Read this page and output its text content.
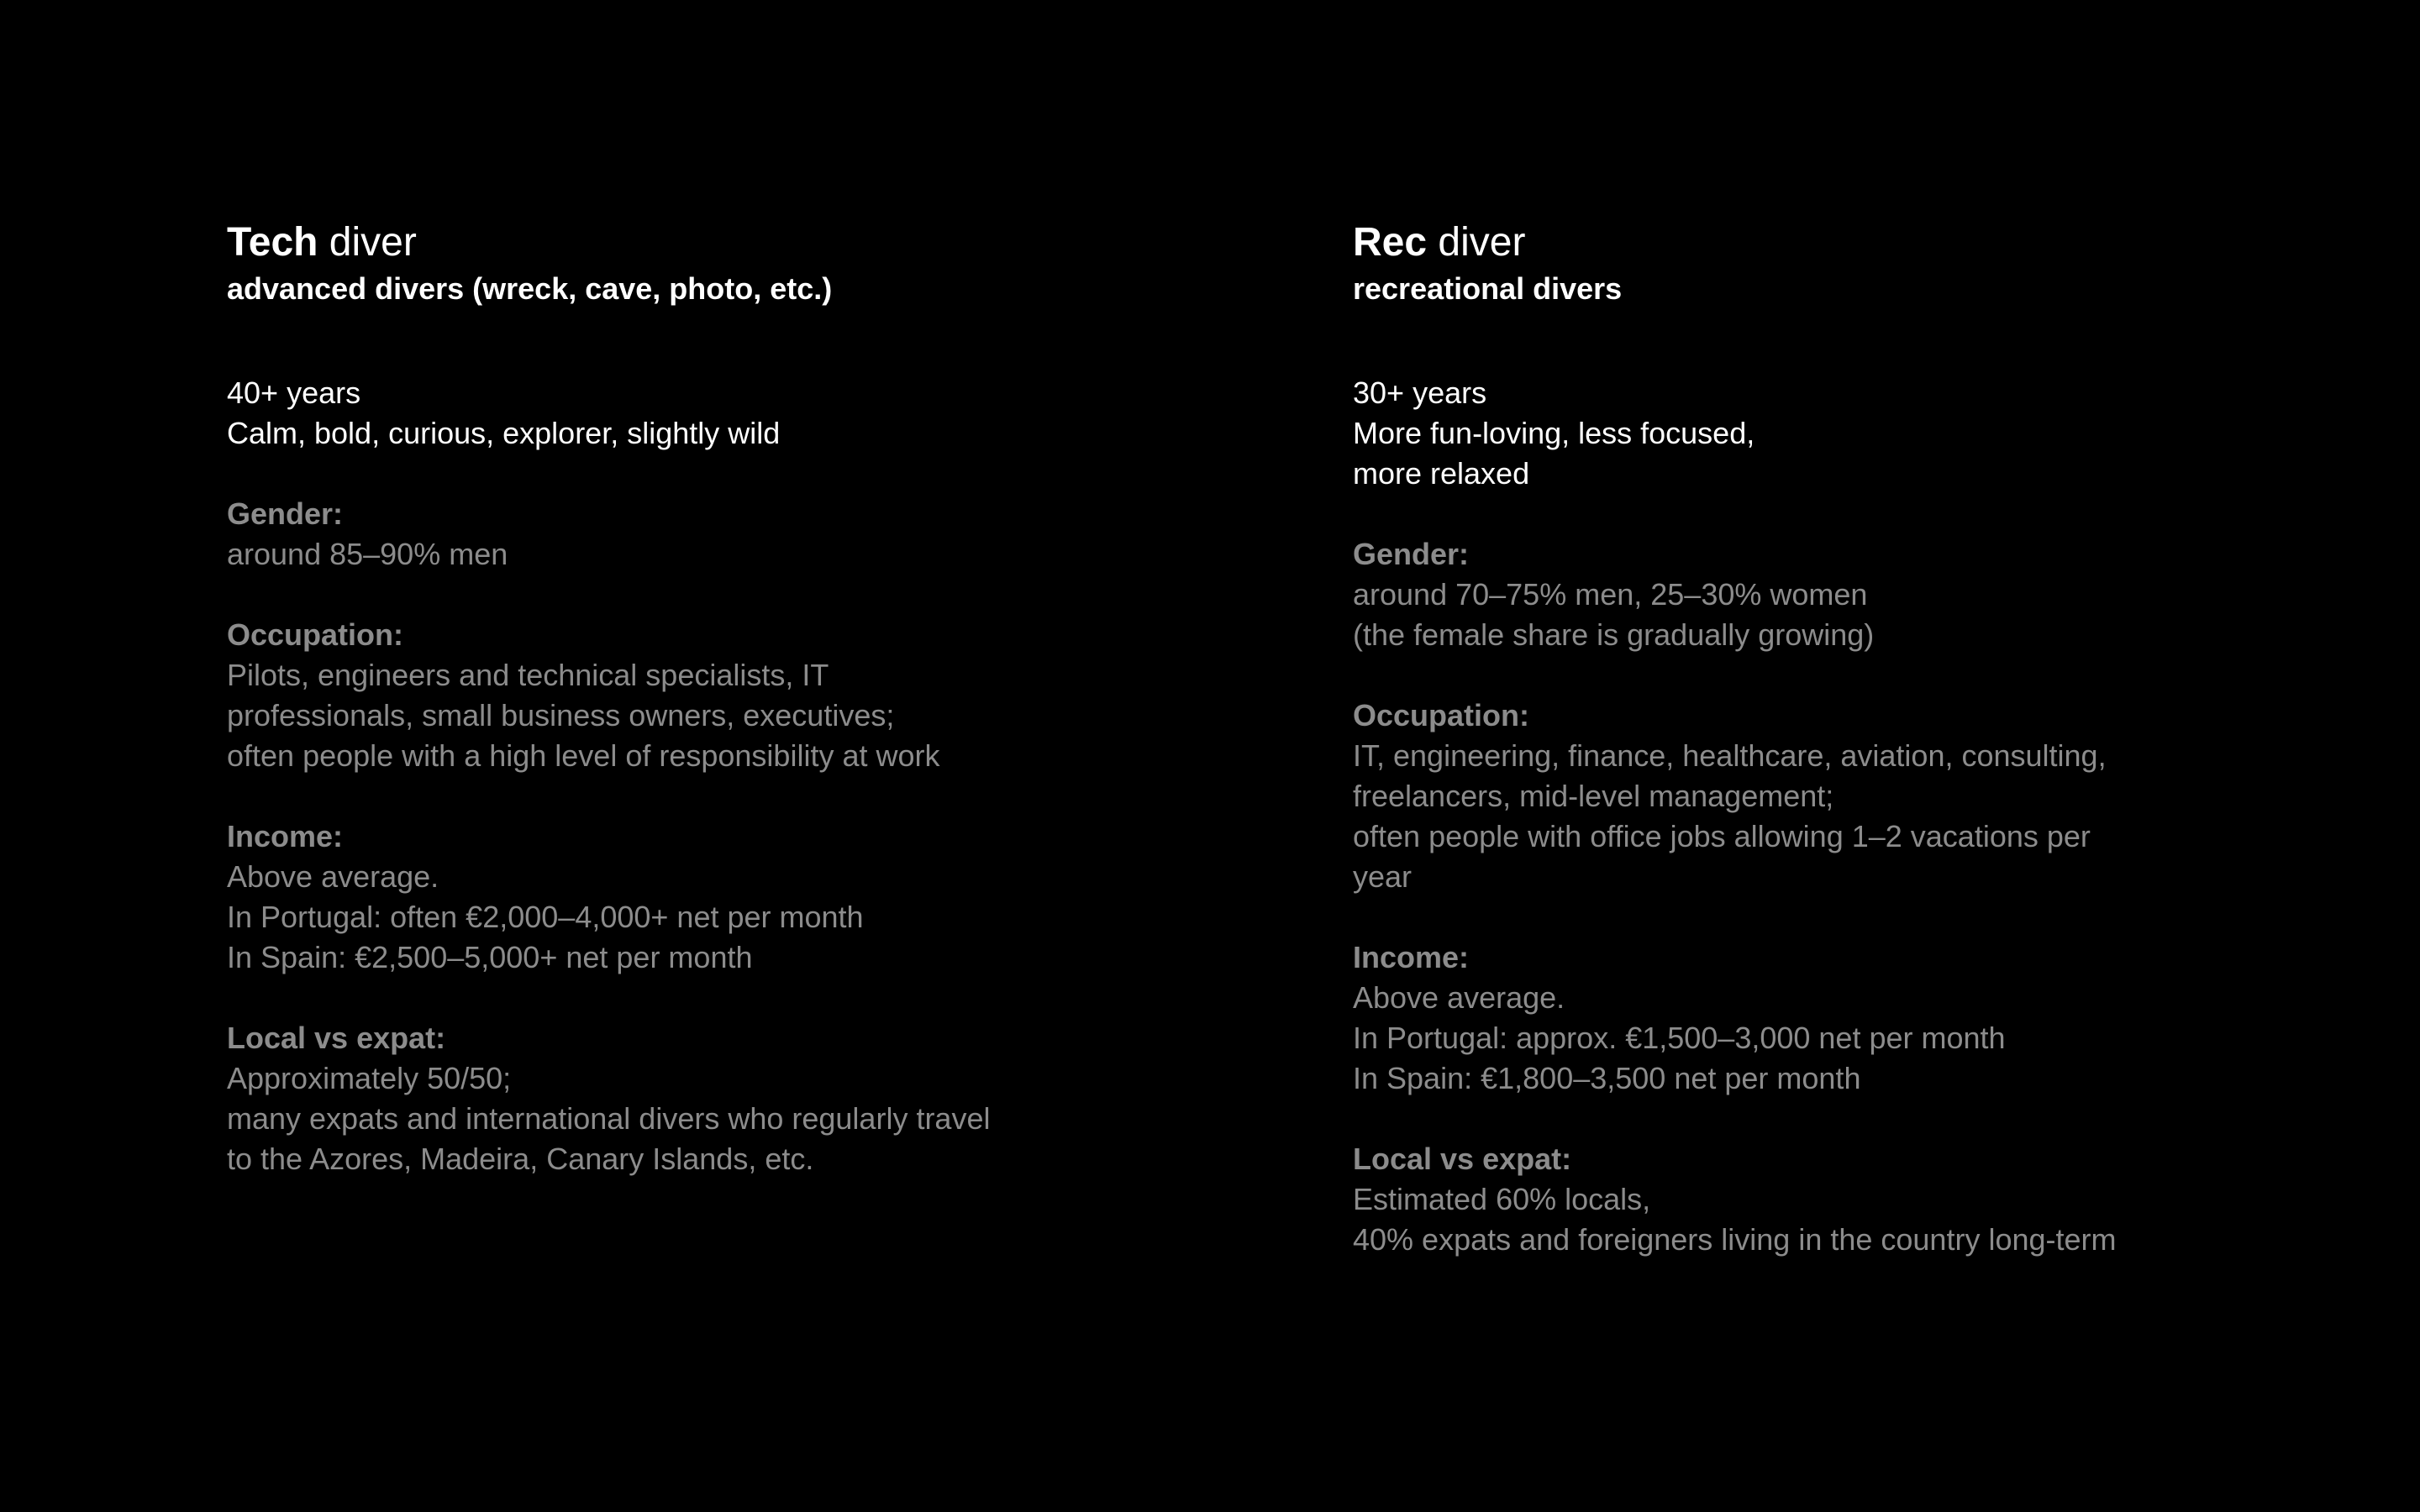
Tech diver
advanced divers (wreck, cave, photo, etc.)
40+ years
Calm, bold, curious, explorer, slightly wild
Gender:
around 85–90% men
Occupation:
Pilots, engineers and technical specialists, IT
professionals, small business owners, executives;
often people with a high level of responsibility at work
Income:
Above average.
In Portugal: often €2,000–4,000+ net per month
In Spain: €2,500–5,000+ net per month
Local vs expat:
Approximately 50/50;
many expats and international divers who regularly travel
to the Azores, Madeira, Canary Islands, etc.
Rec diver
recreational divers
30+ years
More fun-loving, less focused,
more relaxed
Gender:
around 70–75% men, 25–30% women
(the female share is gradually growing)
Occupation:
IT, engineering, finance, healthcare, aviation, consulting,
freelancers, mid-level management;
often people with office jobs allowing 1–2 vacations per
year
Income:
Above average.
In Portugal: approx. €1,500–3,000 net per month
In Spain: €1,800–3,500 net per month
Local vs expat:
Estimated 60% locals,
40% expats and foreigners living in the country long-term
